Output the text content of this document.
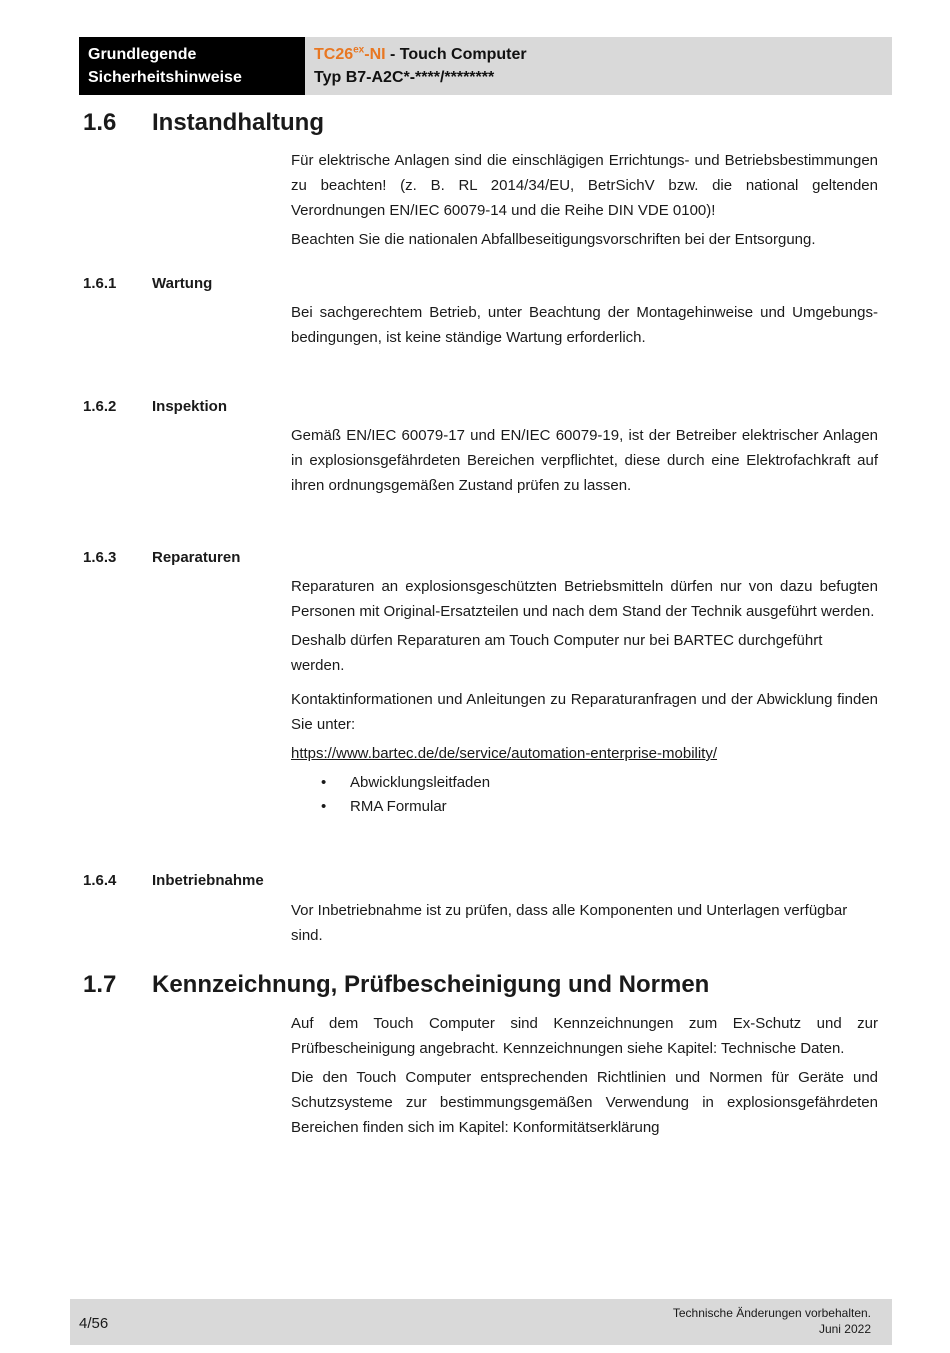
Grundlegende
Sicherheitshinweise
$TC26^{ex}-NI$ - Touch Computer
Typ B7-A2C*-****/********
1.6 Instandhaltung

Für elektrische Anlagen sind die einschlägigen Errichtungs- und Betriebsbestimmungen zu beachten! (z. B. RL 2014/34/EU, BetrSichV bzw. die national geltenden Verordnungen EN/IEC 60079-14 und die Reihe DIN VDE 0100)!

Beachten Sie die nationalen Abfallbeseitigungsvorschriften bei der Entsorgung.

1.6.1 Wartung

Bei sachgerechtem Betrieb, unter Beachtung der Montagehinweise und Umgebungs-bedingungen, ist keine ständige Wartung erforderlich.

1.6.2 Inspektion

Gemäß EN/IEC 60079-17 und EN/IEC 60079-19, ist der Betreiber elektrischer Anlagen in explosionsgefährdeten Bereichen verpflichtet, diese durch eine Elektrofachkraft auf ihren ordnungsgemäßen Zustand prüfen zu lassen.

1.6.3 Reparaturen

Reparaturen an explosionsgeschützten Betriebsmitteln dürfen nur von dazu befugten Personen mit Original-Ersatzteilen und nach dem Stand der Technik ausgeführt werden.

Deshalb dürfen Reparaturen am Touch Computer nur bei BARTEC durchgeführt werden.

Kontaktinformationen und Anleitungen zu Reparaturanfragen und der Abwicklung finden Sie unter:

https://www.bartec.de/de/service/automation-enterprise-mobility/

• Abwicklungsleitfaden
• RMA Formular
1.6.4 Inbetriebnahme

Vor Inbetriebnahme ist zu prüfen, dass alle Komponenten und Unterlagen verfügbar sind.

1.7 Kennzeichnung, Prüfbescheinigung und Normen

Auf dem Touch Computer sind Kennzeichnungen zum Ex-Schutz und zur Prüfbescheinigung angebracht. Kennzeichnungen siehe Kapitel: Technische Daten.

Die den Touch Computer entsprechenden Richtlinien und Normen für Geräte und Schutzsysteme zur bestimmungsgemäßen Verwendung in explosionsgefährdeten Bereichen finden sich im Kapitel: Konformitätserklärung

4/56
Technische Änderungen vorbehalten.
Juni 2022
